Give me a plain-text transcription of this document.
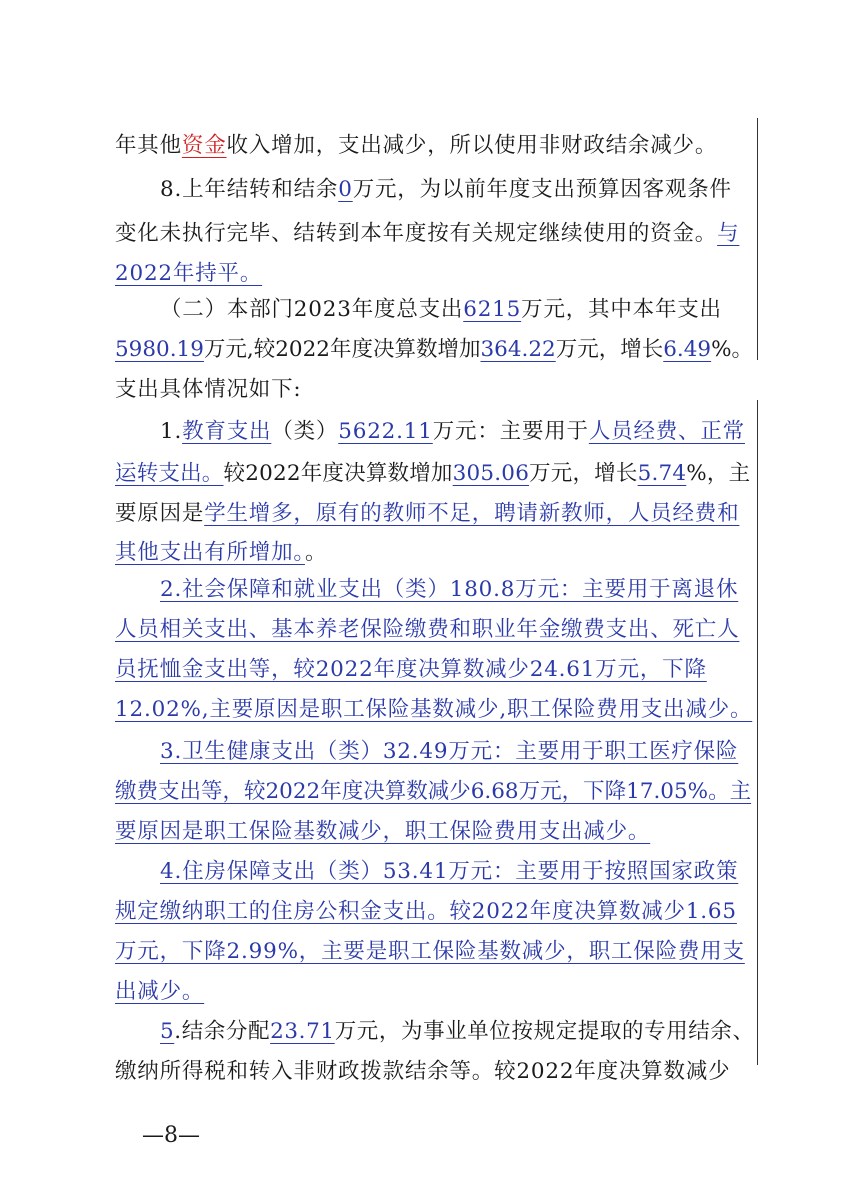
年其他资金收入增加，支出减少，所以使用非财政结余减少。
8.上年结转和结余0万元，为以前年度支出预算因客观条件
变化未执行完毕、结转到本年度按有关规定继续使用的资金。与
2022年持平。
（二）本部门2023年度总支出6215万元，其中本年支出
5980.19万元,较2022年度决算数增加364.22万元，增长6.49%。
支出具体情况如下:
1.教育支出（类）5622.11万元：主要用于人员经费、正常
运转支出。较2022年度决算数增加305.06万元，增长5.74%，主
要原因是学生增多，原有的教师不足，聘请新教师，人员经费和
其他支出有所增加。。
2.社会保障和就业支出（类）180.8万元：主要用于离退休
人员相关支出、基本养老保险缴费和职业年金缴费支出、死亡人
员抚恤金支出等，较2022年度决算数减少24.61万元，下降
12.02%,主要原因是职工保险基数减少,职工保险费用支出减少。
3.卫生健康支出（类）32.49万元：主要用于职工医疗保险
缴费支出等，较2022年度决算数减少6.68万元，下降17.05%。主
要原因是职工保险基数减少，职工保险费用支出减少。
4.住房保障支出（类）53.41万元：主要用于按照国家政策
规定缴纳职工的住房公积金支出。较2022年度决算数减少1.65
万元，下降2.99%，主要是职工保险基数减少，职工保险费用支
出减少。
5.结余分配23.71万元，为事业单位按规定提取的专用结余、
缴纳所得税和转入非财政拨款结余等。较2022年度决算数减少
—8—
